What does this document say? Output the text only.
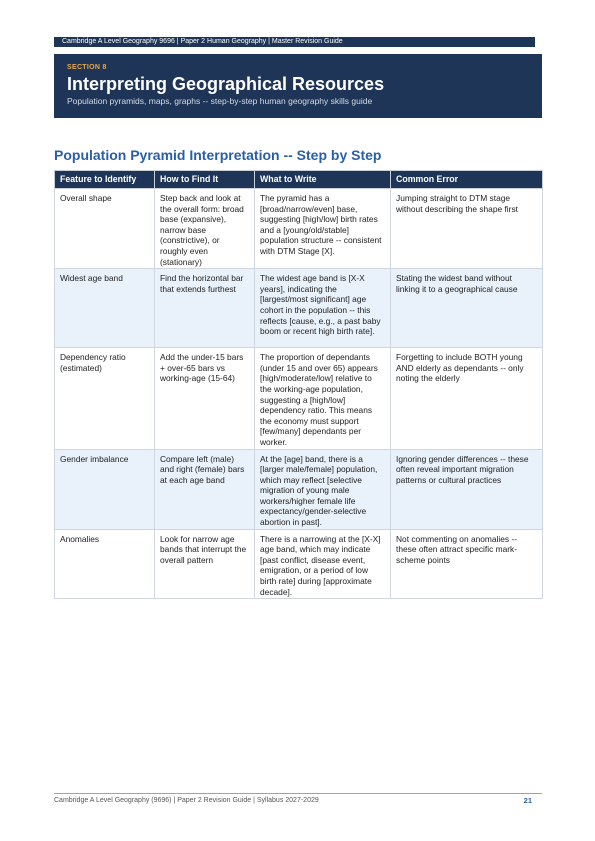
Cambridge A Level Geography 9696 | Paper 2 Human Geography | Master Revision Guide
SECTION 8
Interpreting Geographical Resources
Population pyramids, maps, graphs -- step-by-step human geography skills guide
Population Pyramid Interpretation -- Step by Step
Feature to Identify	How to Find It	What to Write	Common Error
Overall shape	Step back and look at the overall form: broad base (expansive), narrow base (constrictive), or roughly even (stationary)	The pyramid has a [broad/narrow/even] base, suggesting [high/low] birth rates and a [young/old/stable] population structure -- consistent with DTM Stage [X].	Jumping straight to DTM stage without describing the shape first
Widest age band	Find the horizontal bar that extends furthest	The widest age band is [X-X years], indicating the [largest/most significant] age cohort in the population -- this reflects [cause, e.g., a past baby boom or recent high birth rate].	Stating the widest band without linking it to a geographical cause
Dependency ratio (estimated)	Add the under-15 bars + over-65 bars vs working-age (15-64)	The proportion of dependants (under 15 and over 65) appears [high/moderate/low] relative to the working-age population, suggesting a [high/low] dependency ratio. This means the economy must support [few/many] dependants per worker.	Forgetting to include BOTH young AND elderly as dependants -- only noting the elderly
Gender imbalance	Compare left (male) and right (female) bars at each age band	At the [age] band, there is a [larger male/female] population, which may reflect [selective migration of young male workers/higher female life expectancy/gender-selective abortion in past].	Ignoring gender differences -- these often reveal important migration patterns or cultural practices
Anomalies	Look for narrow age bands that interrupt the overall pattern	There is a narrowing at the [X-X] age band, which may indicate [past conflict, disease event, emigration, or a period of low birth rate] during [approximate decade].	Not commenting on anomalies -- these often attract specific mark-scheme points
Cambridge A Level Geography (9696) | Paper 2 Revision Guide | Syllabus 2027-2029	21
